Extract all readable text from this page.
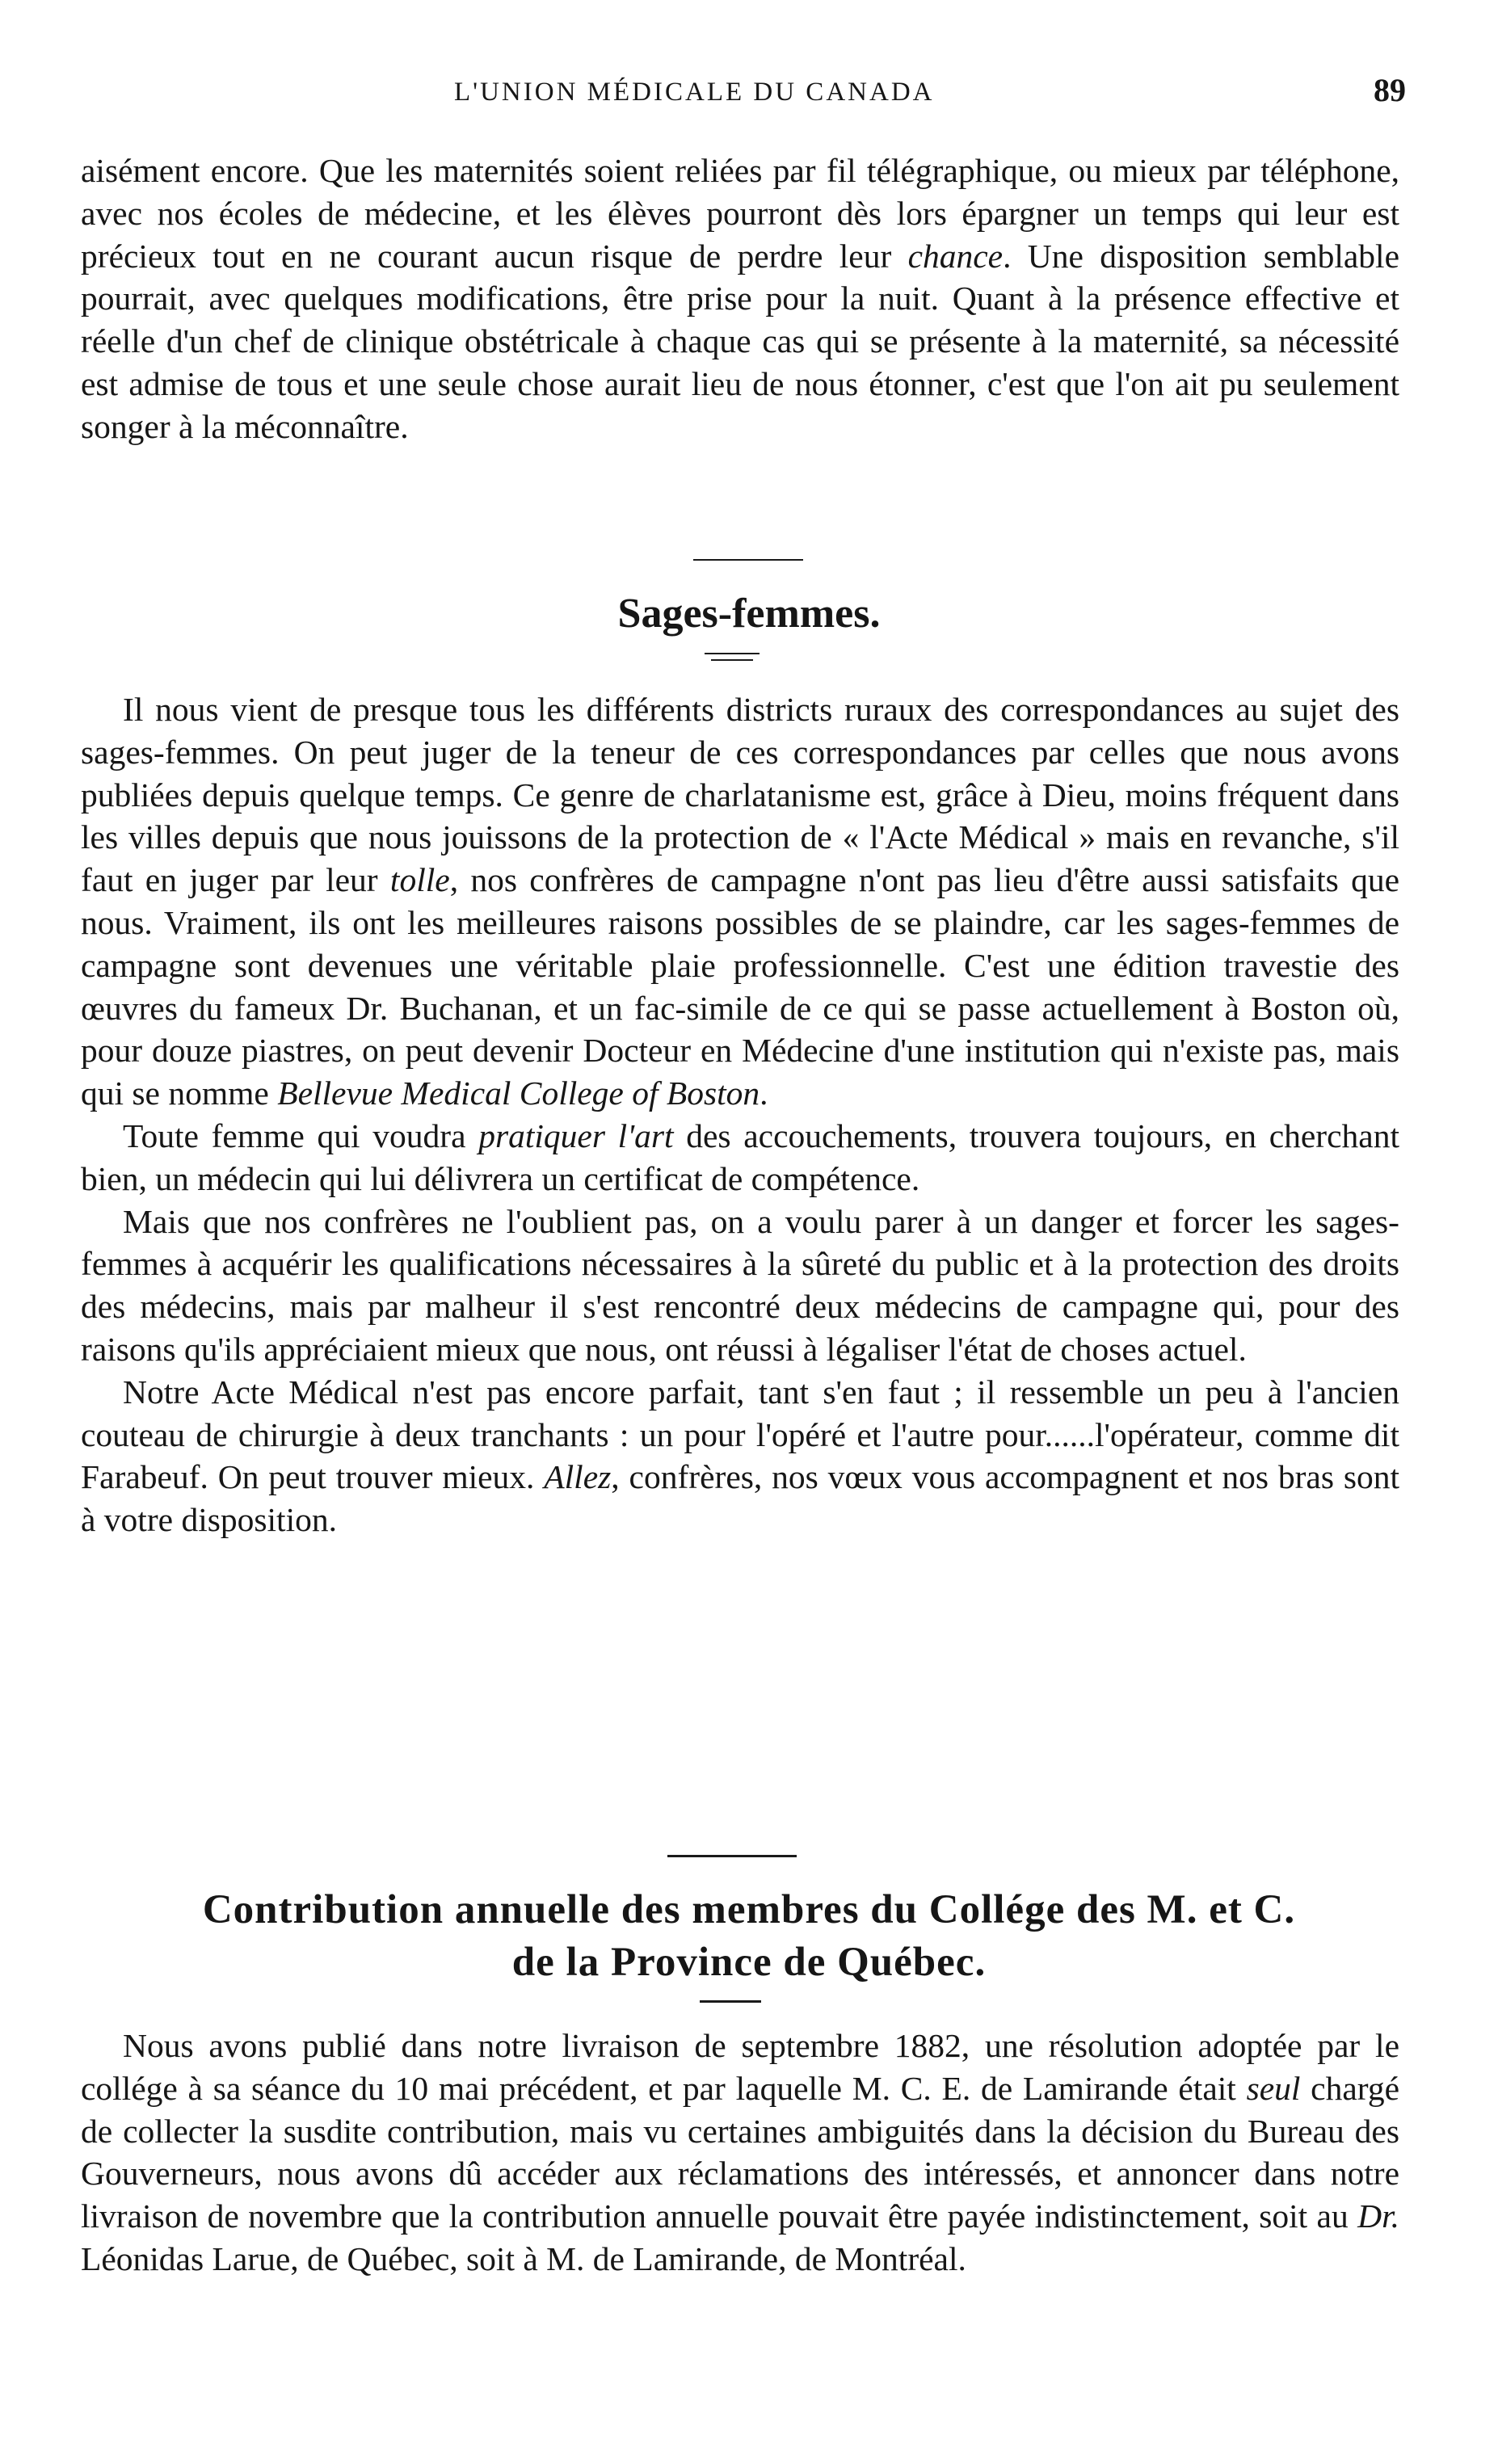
L'UNION MÉDICALE DU CANADA	89

aisément encore. Que les maternités soient reliées par fil télégraphique, ou mieux par téléphone, avec nos écoles de médecine, et les élèves pourront dès lors épargner un temps qui leur est précieux tout en ne courant aucun risque de perdre leur chance. Une disposition semblable pourrait, avec quelques modifications, être prise pour la nuit. Quant à la présence effective et réelle d'un chef de clinique obstétricale à chaque cas qui se présente à la maternité, sa nécessité est admise de tous et une seule chose aurait lieu de nous étonner, c'est que l'on ait pu seulement songer à la méconnaître.

Sages-femmes.

Il nous vient de presque tous les différents districts ruraux des correspondances au sujet des sages-femmes. On peut juger de la teneur de ces correspondances par celles que nous avons publiées depuis quelque temps. Ce genre de charlatanisme est, grâce à Dieu, moins fréquent dans les villes depuis que nous jouissons de la protection de « l'Acte Médical » mais en revanche, s'il faut en juger par leur tolle, nos confrères de campagne n'ont pas lieu d'être aussi satisfaits que nous. Vraiment, ils ont les meilleures raisons possibles de se plaindre, car les sages-femmes de campagne sont devenues une véritable plaie professionnelle. C'est une édition travestie des œuvres du fameux Dr. Buchanan, et un fac-simile de ce qui se passe actuellement à Boston où, pour douze piastres, on peut devenir Docteur en Médecine d'une institution qui n'existe pas, mais qui se nomme Bellevue Medical College of Boston.

Toute femme qui voudra pratiquer l'art des accouchements, trouvera toujours, en cherchant bien, un médecin qui lui délivrera un certificat de compétence.

Mais que nos confrères ne l'oublient pas, on a voulu parer à un danger et forcer les sages-femmes à acquérir les qualifications nécessaires à la sûreté du public et à la protection des droits des médecins, mais par malheur il s'est rencontré deux médecins de campagne qui, pour des raisons qu'ils appréciaient mieux que nous, ont réussi à légaliser l'état de choses actuel.

Notre Acte Médical n'est pas encore parfait, tant s'en faut ; il ressemble un peu à l'ancien couteau de chirurgie à deux tranchants : un pour l'opéré et l'autre pour......l'opérateur, comme dit Farabeuf. On peut trouver mieux. Allez, confrères, nos vœux vous accompagnent et nos bras sont à votre disposition.

Contribution annuelle des membres du Collége des M. et C.
de la Province de Québec.

Nous avons publié dans notre livraison de septembre 1882, une résolution adoptée par le collége à sa séance du 10 mai précédent, et par laquelle M. C. E. de Lamirande était seul chargé de collecter la susdite contribution, mais vu certaines ambiguités dans la décision du Bureau des Gouverneurs, nous avons dû accéder aux réclamations des intéressés, et annoncer dans notre livraison de novembre que la contribution annuelle pouvait être payée indistinctement, soit au Dr. Léonidas Larue, de Québec, soit à M. de Lamirande, de Montréal.
